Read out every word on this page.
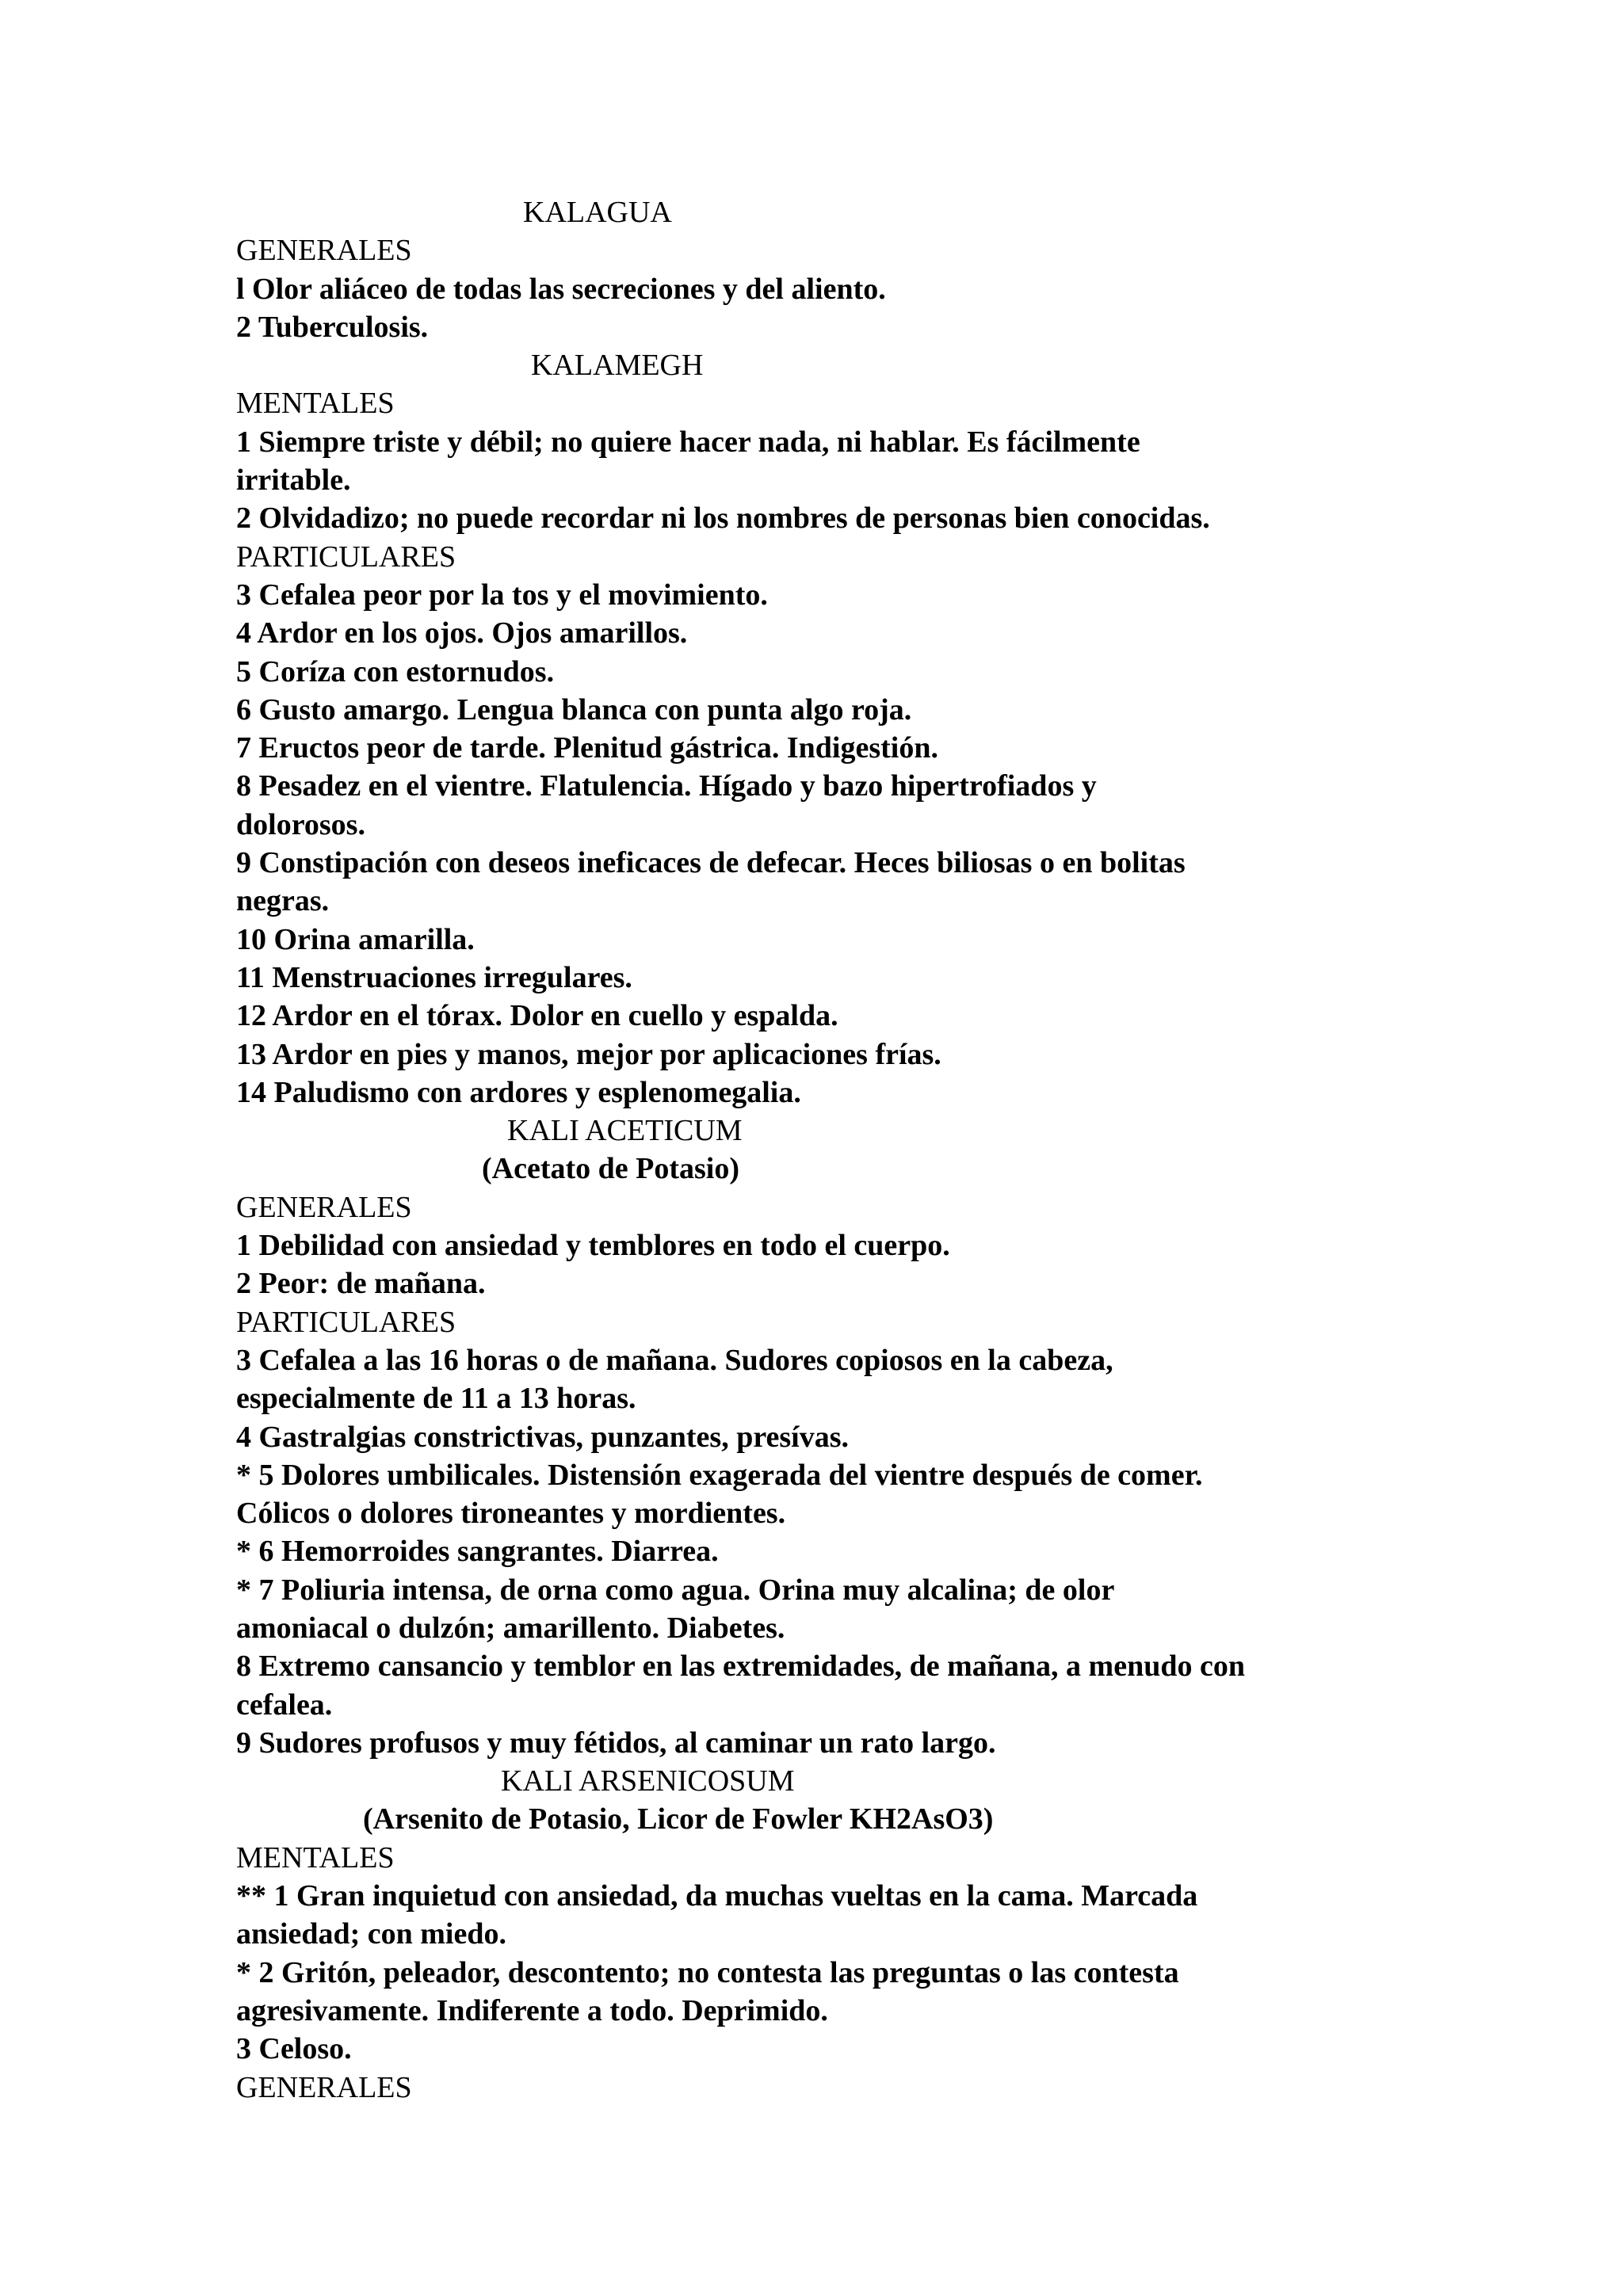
KALAGUA
GENERALES
l Olor aliáceo de todas las secreciones y del aliento.
2 Tuberculosis.
KALAMEGH
MENTALES
1 Siempre triste y débil; no quiere hacer nada, ni hablar. Es fácilmente
irritable.
2 Olvidadizo; no puede recordar ni los nombres de personas bien conocidas.
PARTICULARES
3 Cefalea peor por la tos y el movimiento.
4 Ardor en los ojos. Ojos amarillos.
5 Coríza con estornudos.
6 Gusto amargo. Lengua blanca con punta algo roja.
7 Eructos peor de tarde. Plenitud gástrica. Indigestión.
8 Pesadez en el vientre. Flatulencia. Hígado y bazo hipertrofiados y
dolorosos.
9 Constipación con deseos ineficaces de defecar. Heces biliosas o en bolitas
negras.
10 Orina amarilla.
11 Menstruaciones irregulares.
12 Ardor en el tórax. Dolor en cuello y espalda.
13 Ardor en pies y manos, mejor por aplicaciones frías.
14 Paludismo con ardores y esplenomegalia.
KALI ACETICUM
(Acetato de Potasio)
GENERALES
1 Debilidad con ansiedad y temblores en todo el cuerpo.
2 Peor: de mañana.
PARTICULARES
3 Cefalea a las 16 horas o de mañana. Sudores copiosos en la cabeza,
especialmente de 11 a 13 horas.
4 Gastralgias constrictivas, punzantes, presívas.
* 5 Dolores umbilicales. Distensión exagerada del vientre después de comer.
Cólicos o dolores tironeantes y mordientes.
* 6 Hemorroides sangrantes. Diarrea.
* 7 Poliuria intensa, de orna como agua. Orina muy alcalina; de olor
amoniacal o dulzón; amarillento. Diabetes.
8 Extremo cansancio y temblor en las extremidades, de mañana, a menudo con
cefalea.
9 Sudores profusos y muy fétidos, al caminar un rato largo.
KALI ARSENICOSUM
(Arsenito de Potasio, Licor de Fowler KH2AsO3)
MENTALES
** 1 Gran inquietud con ansiedad, da muchas vueltas en la cama. Marcada
ansiedad; con miedo.
* 2 Gritón, peleador, descontento; no contesta las preguntas o las contesta
agresivamente. Indiferente a todo. Deprimido.
3 Celoso.
GENERALES
